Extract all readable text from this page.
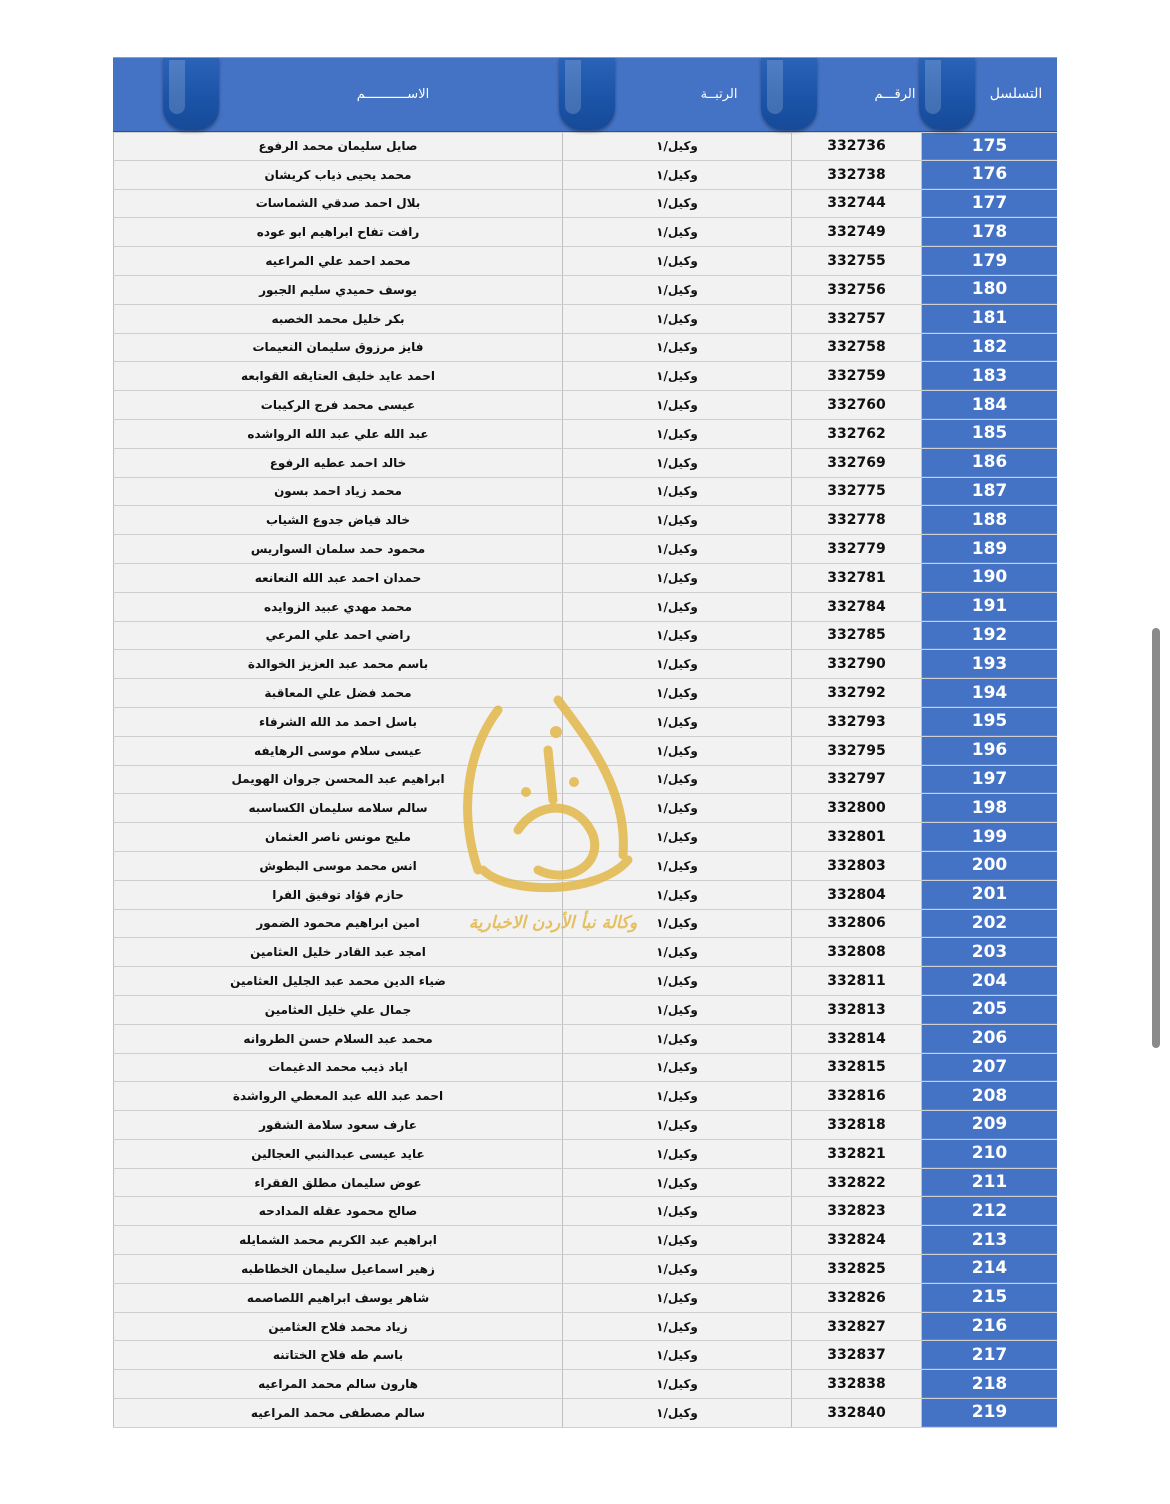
الاســـــــــــم	الرتبــة	الرقـــم	التسلسل
صايل سليمان محمد الرفوع	وكيل/١	332736	175
محمد يحيى ذياب كريشان	وكيل/١	332738	176
بلال احمد صدقي الشماسات	وكيل/١	332744	177
رافت تفاح ابراهيم ابو عوده	وكيل/١	332749	178
محمد احمد علي المراعيه	وكيل/١	332755	179
يوسف حميدي سليم الجبور	وكيل/١	332756	180
بكر خليل محمد الخصبه	وكيل/١	332757	181
فايز مرزوق سليمان النعيمات	وكيل/١	332758	182
احمد عايد خليف العتايقه القوابعه	وكيل/١	332759	183
عيسى محمد فرج الركيبات	وكيل/١	332760	184
عبد الله علي عبد الله الرواشده	وكيل/١	332762	185
خالد احمد عطيه الرفوع	وكيل/١	332769	186
محمد زياد احمد بسون	وكيل/١	332775	187
خالد فياض جدوع الشياب	وكيل/١	332778	188
محمود حمد سلمان السواريس	وكيل/١	332779	189
حمدان احمد عبد الله النعانعه	وكيل/١	332781	190
محمد مهدي عبيد الزوايده	وكيل/١	332784	191
راضي احمد علي المرعي	وكيل/١	332785	192
باسم محمد عبد العزيز الخوالدة	وكيل/١	332790	193
محمد فضل علي المعاقبة	وكيل/١	332792	194
باسل احمد مد الله الشرفاء	وكيل/١	332793	195
عيسى سلام موسى الرهايفه	وكيل/١	332795	196
ابراهيم عبد المحسن جروان الهويمل	وكيل/١	332797	197
سالم سلامه سليمان الكساسبه	وكيل/١	332800	198
مليح مونس ناصر العثمان	وكيل/١	332801	199
انس محمد موسى البطوش	وكيل/١	332803	200
حازم فؤاد توفيق الفرا	وكيل/١	332804	201
امين ابراهيم محمود الضمور	وكيل/١	332806	202
امجد عبد القادر خليل العثامين	وكيل/١	332808	203
ضياء الدين محمد عبد الجليل العثامين	وكيل/١	332811	204
جمال علي خليل العثامين	وكيل/١	332813	205
محمد عبد السلام حسن الطروانه	وكيل/١	332814	206
اياد ذيب محمد الدغيمات	وكيل/١	332815	207
احمد عبد الله عبد المعطي الرواشدة	وكيل/١	332816	208
عارف سعود سلامة الشقور	وكيل/١	332818	209
عايد عيسى عبدالنبي العجالين	وكيل/١	332821	210
عوض سليمان مطلق الفقراء	وكيل/١	332822	211
صالح محمود عقله المدادحه	وكيل/١	332823	212
ابراهيم عبد الكريم محمد الشمايله	وكيل/١	332824	213
زهير اسماعيل سليمان الخطاطبه	وكيل/١	332825	214
شاهر يوسف ابراهيم اللصاصمه	وكيل/١	332826	215
زياد محمد فلاح العثامين	وكيل/١	332827	216
باسم طه فلاح الختاتنه	وكيل/١	332837	217
هارون سالم محمد المراعيه	وكيل/١	332838	218
سالم مصطفى محمد المراعيه	وكيل/١	332840	219
وكالة نبأ الأردن الاخبارية
